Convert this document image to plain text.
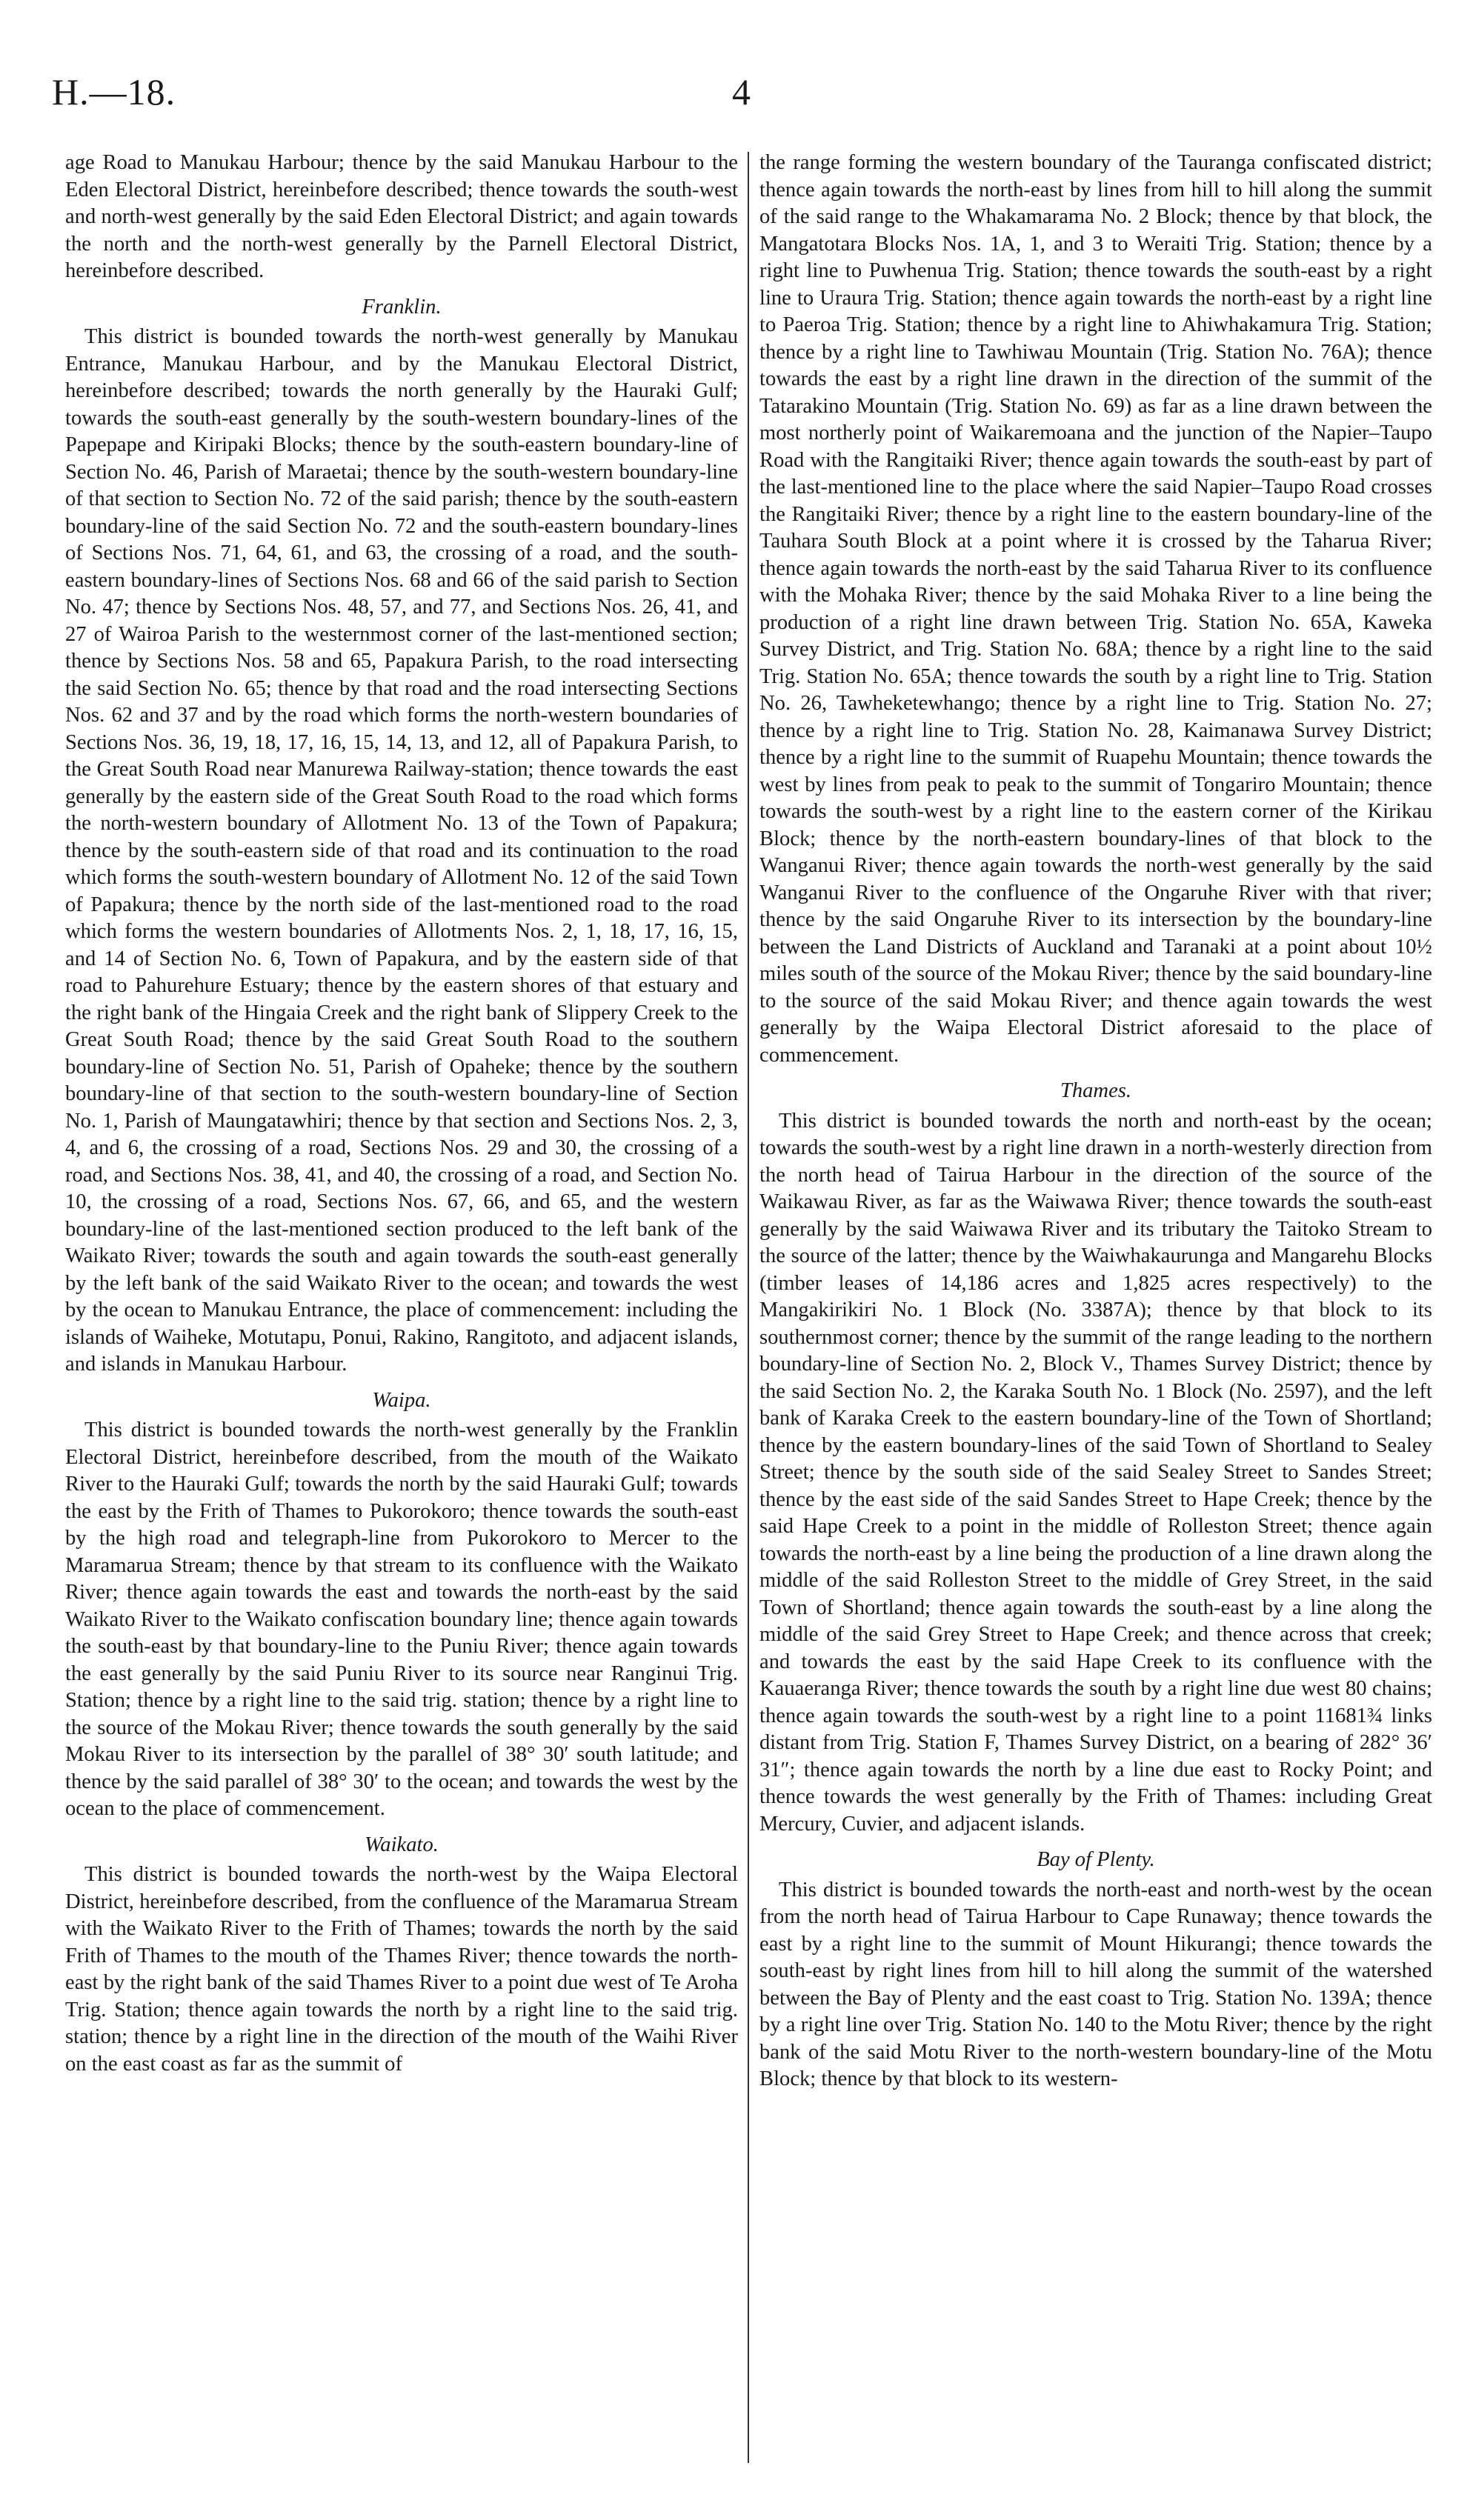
H.—18.	4

age Road to Manukau Harbour; thence by the said Manukau Harbour to the Eden Electoral District, hereinbefore described; thence towards the south-west and north-west generally by the said Eden Electoral District; and again towards the north and the north-west generally by the Parnell Electoral District, hereinbefore described.

Franklin.

This district is bounded towards the north-west generally by Manukau Entrance, Manukau Harbour, and by the Manukau Electoral District, hereinbefore described; towards the north generally by the Hauraki Gulf; towards the south-east generally by the south-western boundary-lines of the Papepape and Kiripaki Blocks; thence by the south-eastern boundary-line of Section No. 46, Parish of Maraetai; thence by the south-western boundary-line of that section to Section No. 72 of the said parish; thence by the south-eastern boundary-line of the said Section No. 72 and the south-eastern boundary-lines of Sections Nos. 71, 64, 61, and 63, the crossing of a road, and the south-eastern boundary-lines of Sections Nos. 68 and 66 of the said parish to Section No. 47; thence by Sections Nos. 48, 57, and 77, and Sections Nos. 26, 41, and 27 of Wairoa Parish to the westernmost corner of the last-mentioned section; thence by Sections Nos. 58 and 65, Papakura Parish, to the road intersecting the said Section No. 65; thence by that road and the road intersecting Sections Nos. 62 and 37 and by the road which forms the north-western boundaries of Sections Nos. 36, 19, 18, 17, 16, 15, 14, 13, and 12, all of Papakura Parish, to the Great South Road near Manurewa Railway-station; thence towards the east generally by the eastern side of the Great South Road to the road which forms the north-western boundary of Allotment No. 13 of the Town of Papakura; thence by the south-eastern side of that road and its continuation to the road which forms the south-western boundary of Allotment No. 12 of the said Town of Papakura; thence by the north side of the last-mentioned road to the road which forms the western boundaries of Allotments Nos. 2, 1, 18, 17, 16, 15, and 14 of Section No. 6, Town of Papakura, and by the eastern side of that road to Pahurehure Estuary; thence by the eastern shores of that estuary and the right bank of the Hingaia Creek and the right bank of Slippery Creek to the Great South Road; thence by the said Great South Road to the southern boundary-line of Section No. 51, Parish of Opaheke; thence by the southern boundary-line of that section to the south-western boundary-line of Section No. 1, Parish of Maungatawhiri; thence by that section and Sections Nos. 2, 3, 4, and 6, the crossing of a road, Sections Nos. 29 and 30, the crossing of a road, and Sections Nos. 38, 41, and 40, the crossing of a road, and Section No. 10, the crossing of a road, Sections Nos. 67, 66, and 65, and the western boundary-line of the last-mentioned section produced to the left bank of the Waikato River; towards the south and again towards the south-east generally by the left bank of the said Waikato River to the ocean; and towards the west by the ocean to Manukau Entrance, the place of commencement: including the islands of Waiheke, Motutapu, Ponui, Rakino, Rangitoto, and adjacent islands, and islands in Manukau Harbour.

Waipa.

This district is bounded towards the north-west generally by the Franklin Electoral District, hereinbefore described, from the mouth of the Waikato River to the Hauraki Gulf; towards the north by the said Hauraki Gulf; towards the east by the Frith of Thames to Pukorokoro; thence towards the south-east by the high road and telegraph-line from Pukorokoro to Mercer to the Maramarua Stream; thence by that stream to its confluence with the Waikato River; thence again towards the east and towards the north-east by the said Waikato River to the Waikato confiscation boundary line; thence again towards the south-east by that boundary-line to the Puniu River; thence again towards the east generally by the said Puniu River to its source near Ranginui Trig. Station; thence by a right line to the said trig. station; thence by a right line to the source of the Mokau River; thence towards the south generally by the said Mokau River to its intersection by the parallel of 38° 30′ south latitude; and thence by the said parallel of 38° 30′ to the ocean; and towards the west by the ocean to the place of commencement.

Waikato.

This district is bounded towards the north-west by the Waipa Electoral District, hereinbefore described, from the confluence of the Maramarua Stream with the Waikato River to the Frith of Thames; towards the north by the said Frith of Thames to the mouth of the Thames River; thence towards the north-east by the right bank of the said Thames River to a point due west of Te Aroha Trig. Station; thence again towards the north by a right line to the said trig. station; thence by a right line in the direction of the mouth of the Waihi River on the east coast as far as the summit of

the range forming the western boundary of the Tauranga confiscated district; thence again towards the north-east by lines from hill to hill along the summit of the said range to the Whakamarama No. 2 Block; thence by that block, the Mangatotara Blocks Nos. 1A, 1, and 3 to Weraiti Trig. Station; thence by a right line to Puwhenua Trig. Station; thence towards the south-east by a right line to Uraura Trig. Station; thence again towards the north-east by a right line to Paeroa Trig. Station; thence by a right line to Ahiwhakamura Trig. Station; thence by a right line to Tawhiwau Mountain (Trig. Station No. 76A); thence towards the east by a right line drawn in the direction of the summit of the Tatarakino Mountain (Trig. Station No. 69) as far as a line drawn between the most northerly point of Waikaremoana and the junction of the Napier–Taupo Road with the Rangitaiki River; thence again towards the south-east by part of the last-mentioned line to the place where the said Napier–Taupo Road crosses the Rangitaiki River; thence by a right line to the eastern boundary-line of the Tauhara South Block at a point where it is crossed by the Taharua River; thence again towards the north-east by the said Taharua River to its confluence with the Mohaka River; thence by the said Mohaka River to a line being the production of a right line drawn between Trig. Station No. 65A, Kaweka Survey District, and Trig. Station No. 68A; thence by a right line to the said Trig. Station No. 65A; thence towards the south by a right line to Trig. Station No. 26, Tawheketewhango; thence by a right line to Trig. Station No. 27; thence by a right line to Trig. Station No. 28, Kaimanawa Survey District; thence by a right line to the summit of Ruapehu Mountain; thence towards the west by lines from peak to peak to the summit of Tongariro Mountain; thence towards the south-west by a right line to the eastern corner of the Kirikau Block; thence by the north-eastern boundary-lines of that block to the Wanganui River; thence again towards the north-west generally by the said Wanganui River to the confluence of the Ongaruhe River with that river; thence by the said Ongaruhe River to its intersection by the boundary-line between the Land Districts of Auckland and Taranaki at a point about 10½ miles south of the source of the Mokau River; thence by the said boundary-line to the source of the said Mokau River; and thence again towards the west generally by the Waipa Electoral District aforesaid to the place of commencement.

Thames.

This district is bounded towards the north and north-east by the ocean; towards the south-west by a right line drawn in a north-westerly direction from the north head of Tairua Harbour in the direction of the source of the Waikawau River, as far as the Waiwawa River; thence towards the south-east generally by the said Waiwawa River and its tributary the Taitoko Stream to the source of the latter; thence by the Waiwhakaurunga and Mangarehu Blocks (timber leases of 14,186 acres and 1,825 acres respectively) to the Mangakirikiri No. 1 Block (No. 3387A); thence by that block to its southernmost corner; thence by the summit of the range leading to the northern boundary-line of Section No. 2, Block V., Thames Survey District; thence by the said Section No. 2, the Karaka South No. 1 Block (No. 2597), and the left bank of Karaka Creek to the eastern boundary-line of the Town of Shortland; thence by the eastern boundary-lines of the said Town of Shortland to Sealey Street; thence by the south side of the said Sealey Street to Sandes Street; thence by the east side of the said Sandes Street to Hape Creek; thence by the said Hape Creek to a point in the middle of Rolleston Street; thence again towards the north-east by a line being the production of a line drawn along the middle of the said Rolleston Street to the middle of Grey Street, in the said Town of Shortland; thence again towards the south-east by a line along the middle of the said Grey Street to Hape Creek; and thence across that creek; and towards the east by the said Hape Creek to its confluence with the Kauaeranga River; thence towards the south by a right line due west 80 chains; thence again towards the south-west by a right line to a point 11681¾ links distant from Trig. Station F, Thames Survey District, on a bearing of 282° 36′ 31″; thence again towards the north by a line due east to Rocky Point; and thence towards the west generally by the Frith of Thames: including Great Mercury, Cuvier, and adjacent islands.

Bay of Plenty.

This district is bounded towards the north-east and north-west by the ocean from the north head of Tairua Harbour to Cape Runaway; thence towards the east by a right line to the summit of Mount Hikurangi; thence towards the south-east by right lines from hill to hill along the summit of the watershed between the Bay of Plenty and the east coast to Trig. Station No. 139A; thence by a right line over Trig. Station No. 140 to the Motu River; thence by the right bank of the said Motu River to the north-western boundary-line of the Motu Block; thence by that block to its western-
